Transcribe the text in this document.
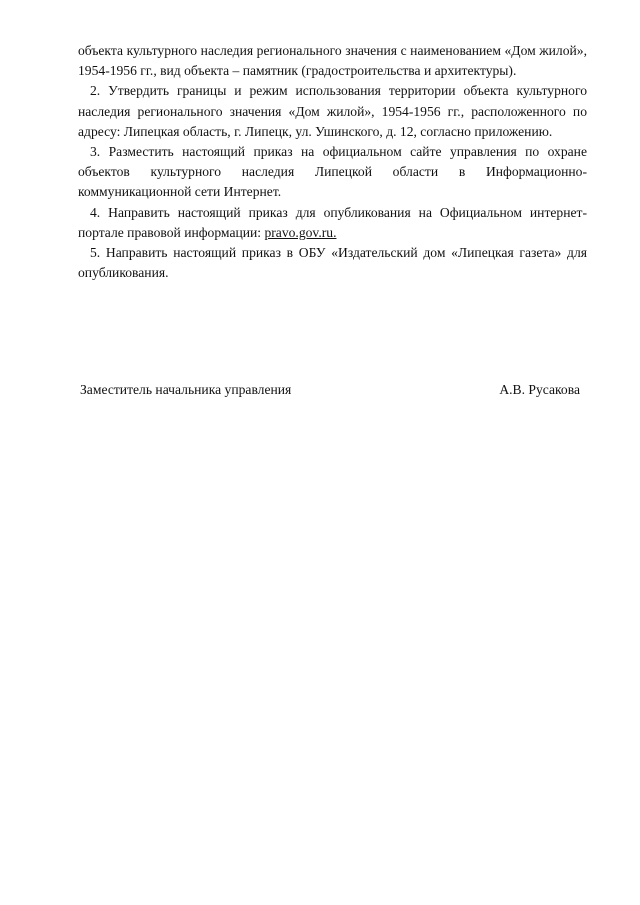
объекта культурного наследия регионального значения с наименованием «Дом жилой», 1954-1956 гг., вид объекта – памятник (градостроительства и архитектуры).

2. Утвердить границы и режим использования территории объекта культурного наследия регионального значения «Дом жилой», 1954-1956 гг., расположенного по адресу: Липецкая область, г. Липецк, ул. Ушинского, д. 12, согласно приложению.

3. Разместить настоящий приказ на официальном сайте управления по охране объектов культурного наследия Липецкой области в Информационно-коммуникационной сети Интернет.

4. Направить настоящий приказ для опубликования на Официальном интернет-портале правовой информации: pravo.gov.ru.

5. Направить настоящий приказ в ОБУ «Издательский дом «Липецкая газета» для опубликования.

Заместитель начальника управления	А.В. Русакова
